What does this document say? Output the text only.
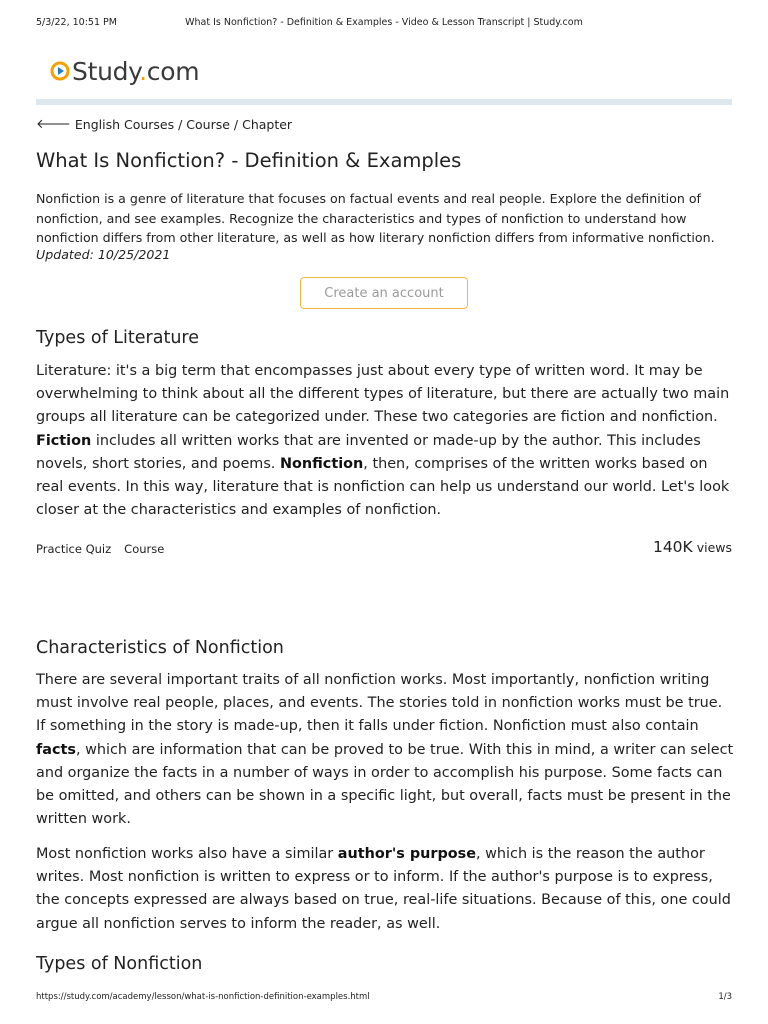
5/3/22, 10:51 PM	What Is Nonfiction? - Definition & Examples - Video & Lesson Transcript | Study.com
Study.com
🡐 English Courses / Course / Chapter
What Is Nonfiction? - Definition & Examples

Nonfiction is a genre of literature that focuses on factual events and real people. Explore the definition of nonfiction, and see examples. Recognize the characteristics and types of nonfiction to understand how nonfiction differs from other literature, as well as how literary nonfiction differs from informative nonfiction.

Updated: 10/25/2021
Create an account
Types of Literature

Literature: it's a big term that encompasses just about every type of written word. It may be overwhelming to think about all the different types of literature, but there are actually two main groups all literature can be categorized under. These two categories are fiction and nonfiction. Fiction includes all written works that are invented or made-up by the author. This includes novels, short stories, and poems. Nonfiction, then, comprises of the written works based on real events. In this way, literature that is nonfiction can help us understand our world. Let's look closer at the characteristics and examples of nonfiction.

Practice Quiz Course	140K views
Characteristics of Nonfiction

There are several important traits of all nonfiction works. Most importantly, nonfiction writing must involve real people, places, and events. The stories told in nonfiction works must be true. If something in the story is made-up, then it falls under fiction. Nonfiction must also contain facts, which are information that can be proved to be true. With this in mind, a writer can select and organize the facts in a number of ways in order to accomplish his purpose. Some facts can be omitted, and others can be shown in a specific light, but overall, facts must be present in the written work.

Most nonfiction works also have a similar author's purpose, which is the reason the author writes. Most nonfiction is written to express or to inform. If the author's purpose is to express, the concepts expressed are always based on true, real-life situations. Because of this, one could argue all nonfiction serves to inform the reader, as well.

Types of Nonfiction
https://study.com/academy/lesson/what-is-nonfiction-definition-examples.html	1/3
